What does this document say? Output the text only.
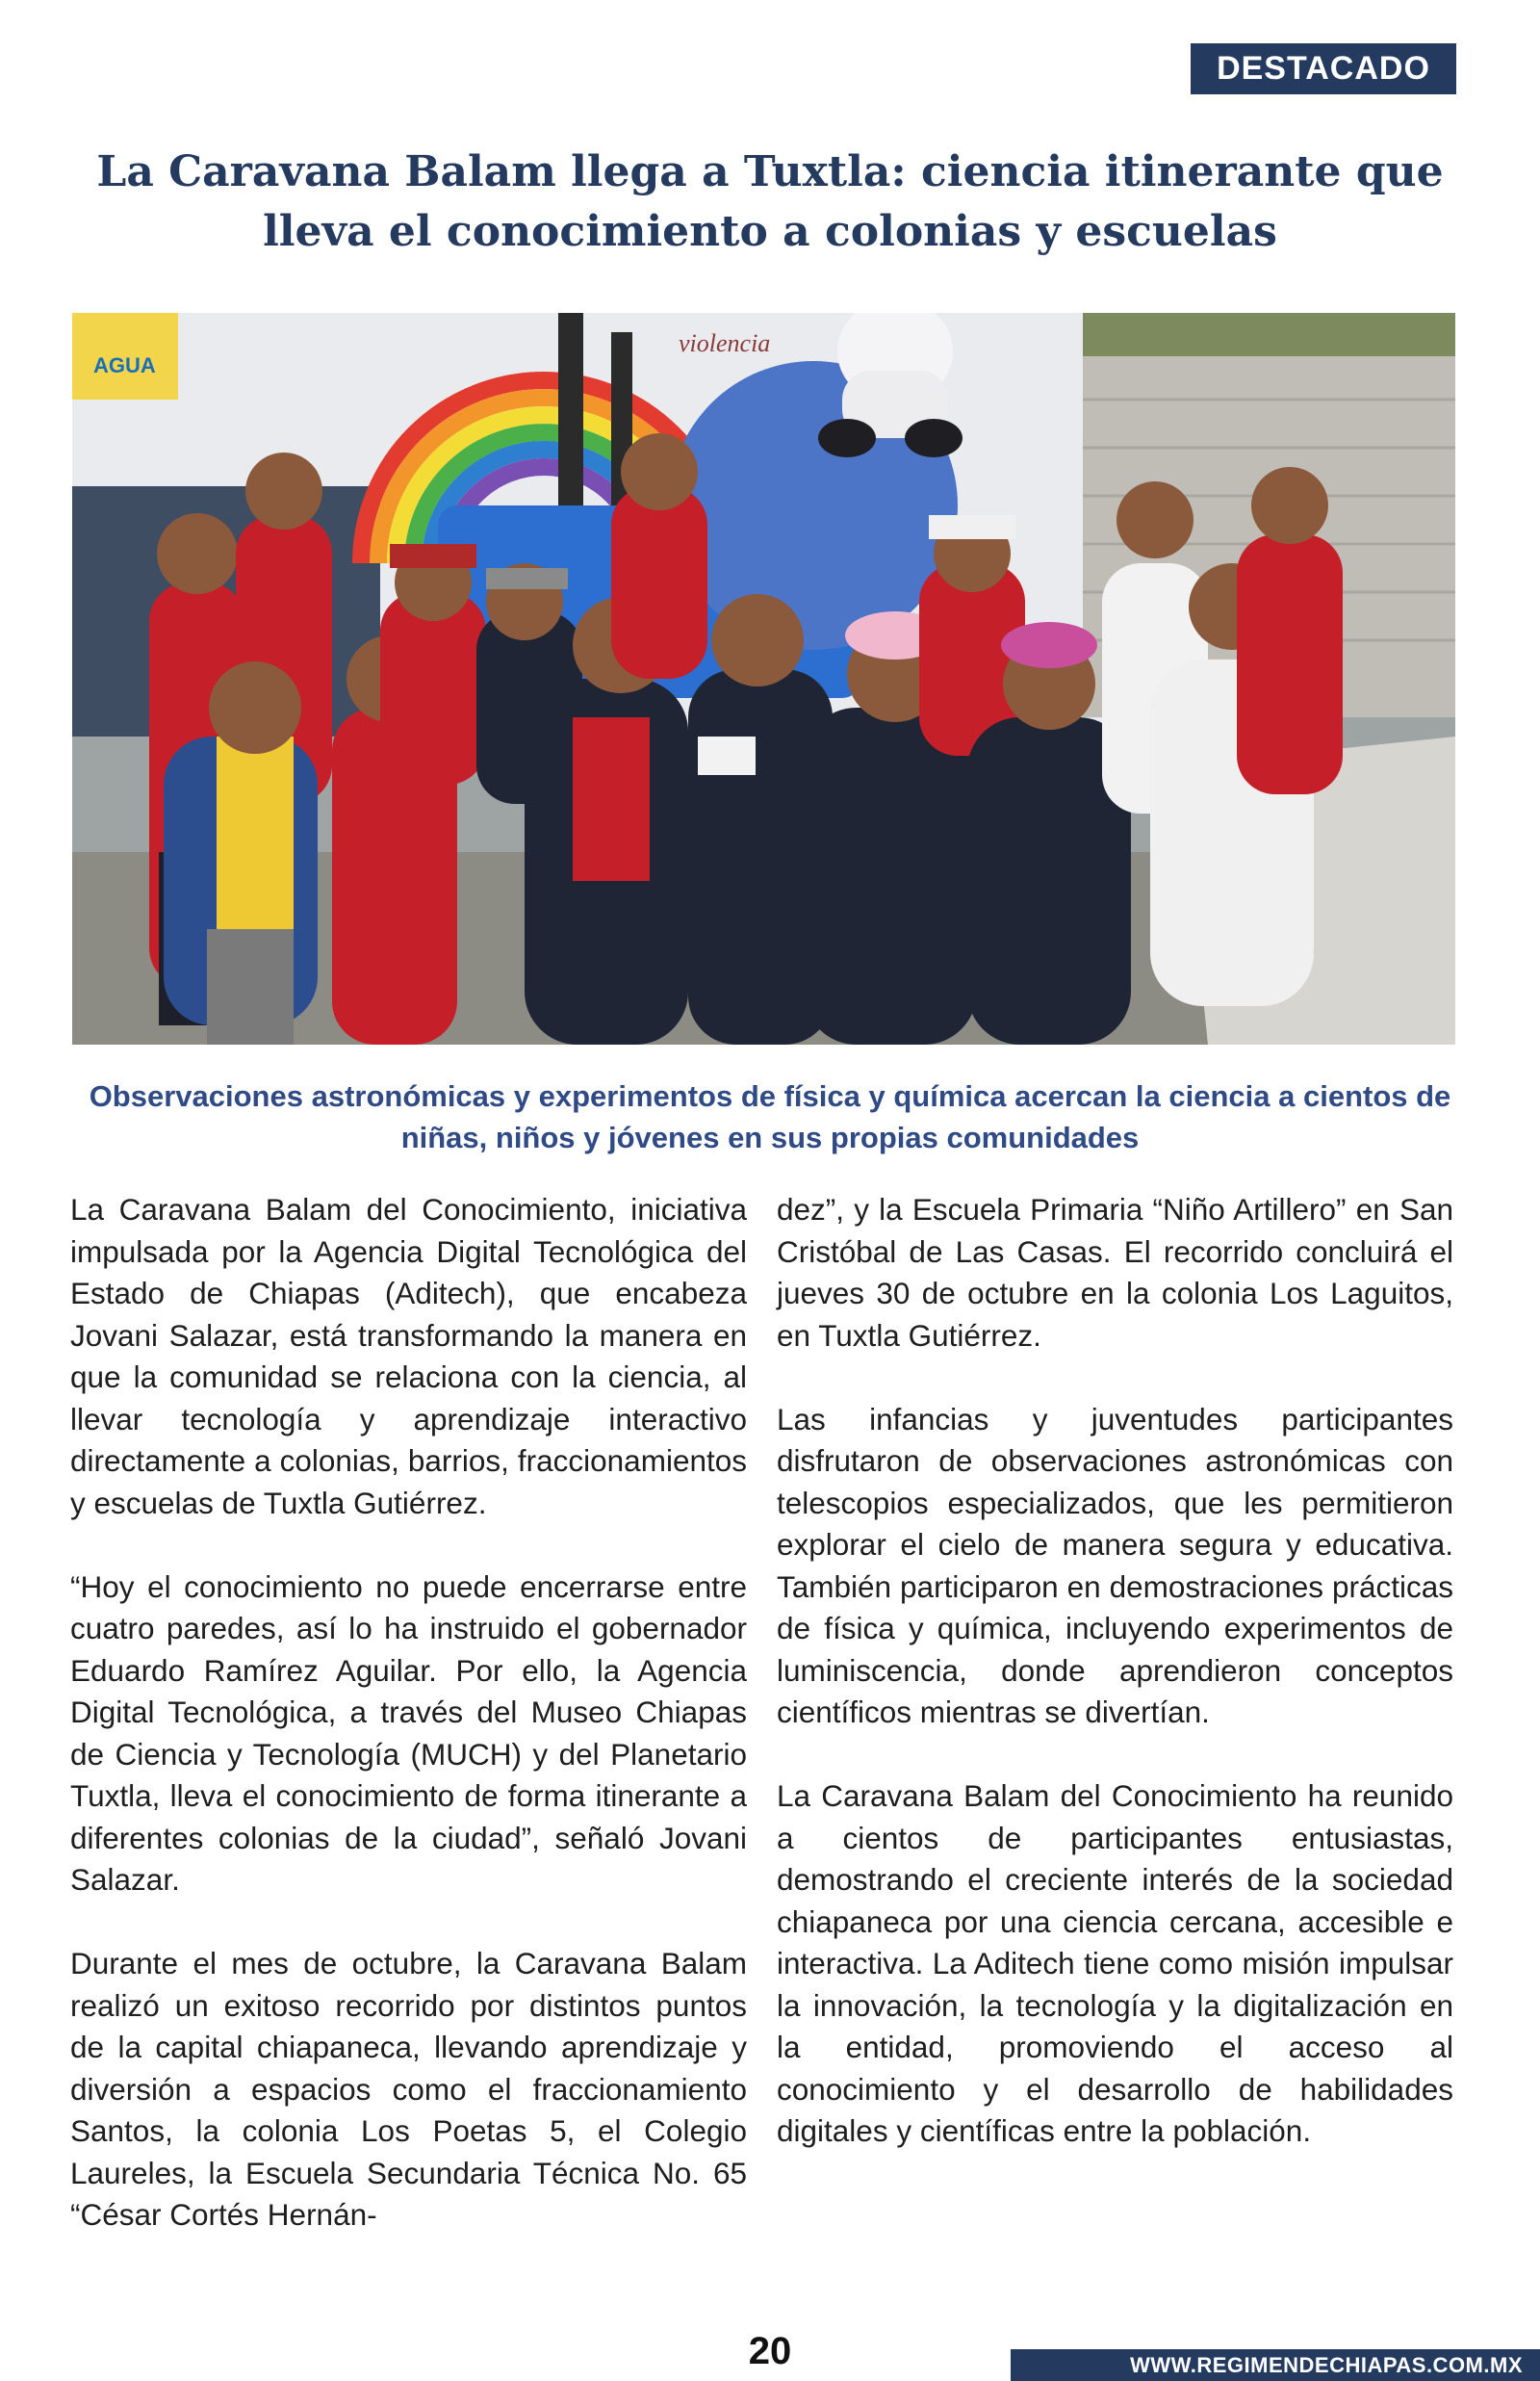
DESTACADO
La Caravana Balam llega a Tuxtla: ciencia itinerante que lleva el conocimiento a colonias y escuelas
AGUA
violencia

Observaciones astronómicas y experimentos de física y química acercan la ciencia a cientos de niñas, niños y jóvenes en sus propias comunidades

La Caravana Balam del Conocimiento, iniciativa impulsada por la Agencia Digital Tecnológica del Estado de Chiapas (Aditech), que encabeza Jovani Salazar, está transformando la manera en que la comunidad se relaciona con la ciencia, al llevar tecnología y aprendizaje interactivo directamente a colonias, barrios, fraccionamientos y escuelas de Tuxtla Gutiérrez.

“Hoy el conocimiento no puede encerrarse entre cuatro paredes, así lo ha instruido el gobernador Eduardo Ramírez Aguilar. Por ello, la Agencia Digital Tecnológica, a través del Museo Chiapas de Ciencia y Tecnología (MUCH) y del Planetario Tuxtla, lleva el conocimiento de forma itinerante a diferentes colonias de la ciudad”, señaló Jovani Salazar.

Durante el mes de octubre, la Caravana Balam realizó un exitoso recorrido por distintos puntos de la capital chiapaneca, llevando aprendizaje y diversión a espacios como el fraccionamiento Santos, la colonia Los Poetas 5, el Colegio Laureles, la Escuela Secundaria Técnica No. 65 “César Cortés Hernán-

dez”, y la Escuela Primaria “Niño Artillero” en San Cristóbal de Las Casas. El recorrido concluirá el jueves 30 de octubre en la colonia Los Laguitos, en Tuxtla Gutiérrez.

Las infancias y juventudes participantes disfrutaron de observaciones astronómicas con telescopios especializados, que les permitieron explorar el cielo de manera segura y educativa. También participaron en demostraciones prácticas de física y química, incluyendo experimentos de luminiscencia, donde aprendieron conceptos científicos mientras se divertían.

La Caravana Balam del Conocimiento ha reunido a cientos de participantes entusiastas, demostrando el creciente interés de la sociedad chiapaneca por una ciencia cercana, accesible e interactiva. La Aditech tiene como misión impulsar la innovación, la tecnología y la digitalización en la entidad, promoviendo el acceso al conocimiento y el desarrollo de habilidades digitales y científicas entre la población.

20	WWW.REGIMENDECHIAPAS.COM.MX
